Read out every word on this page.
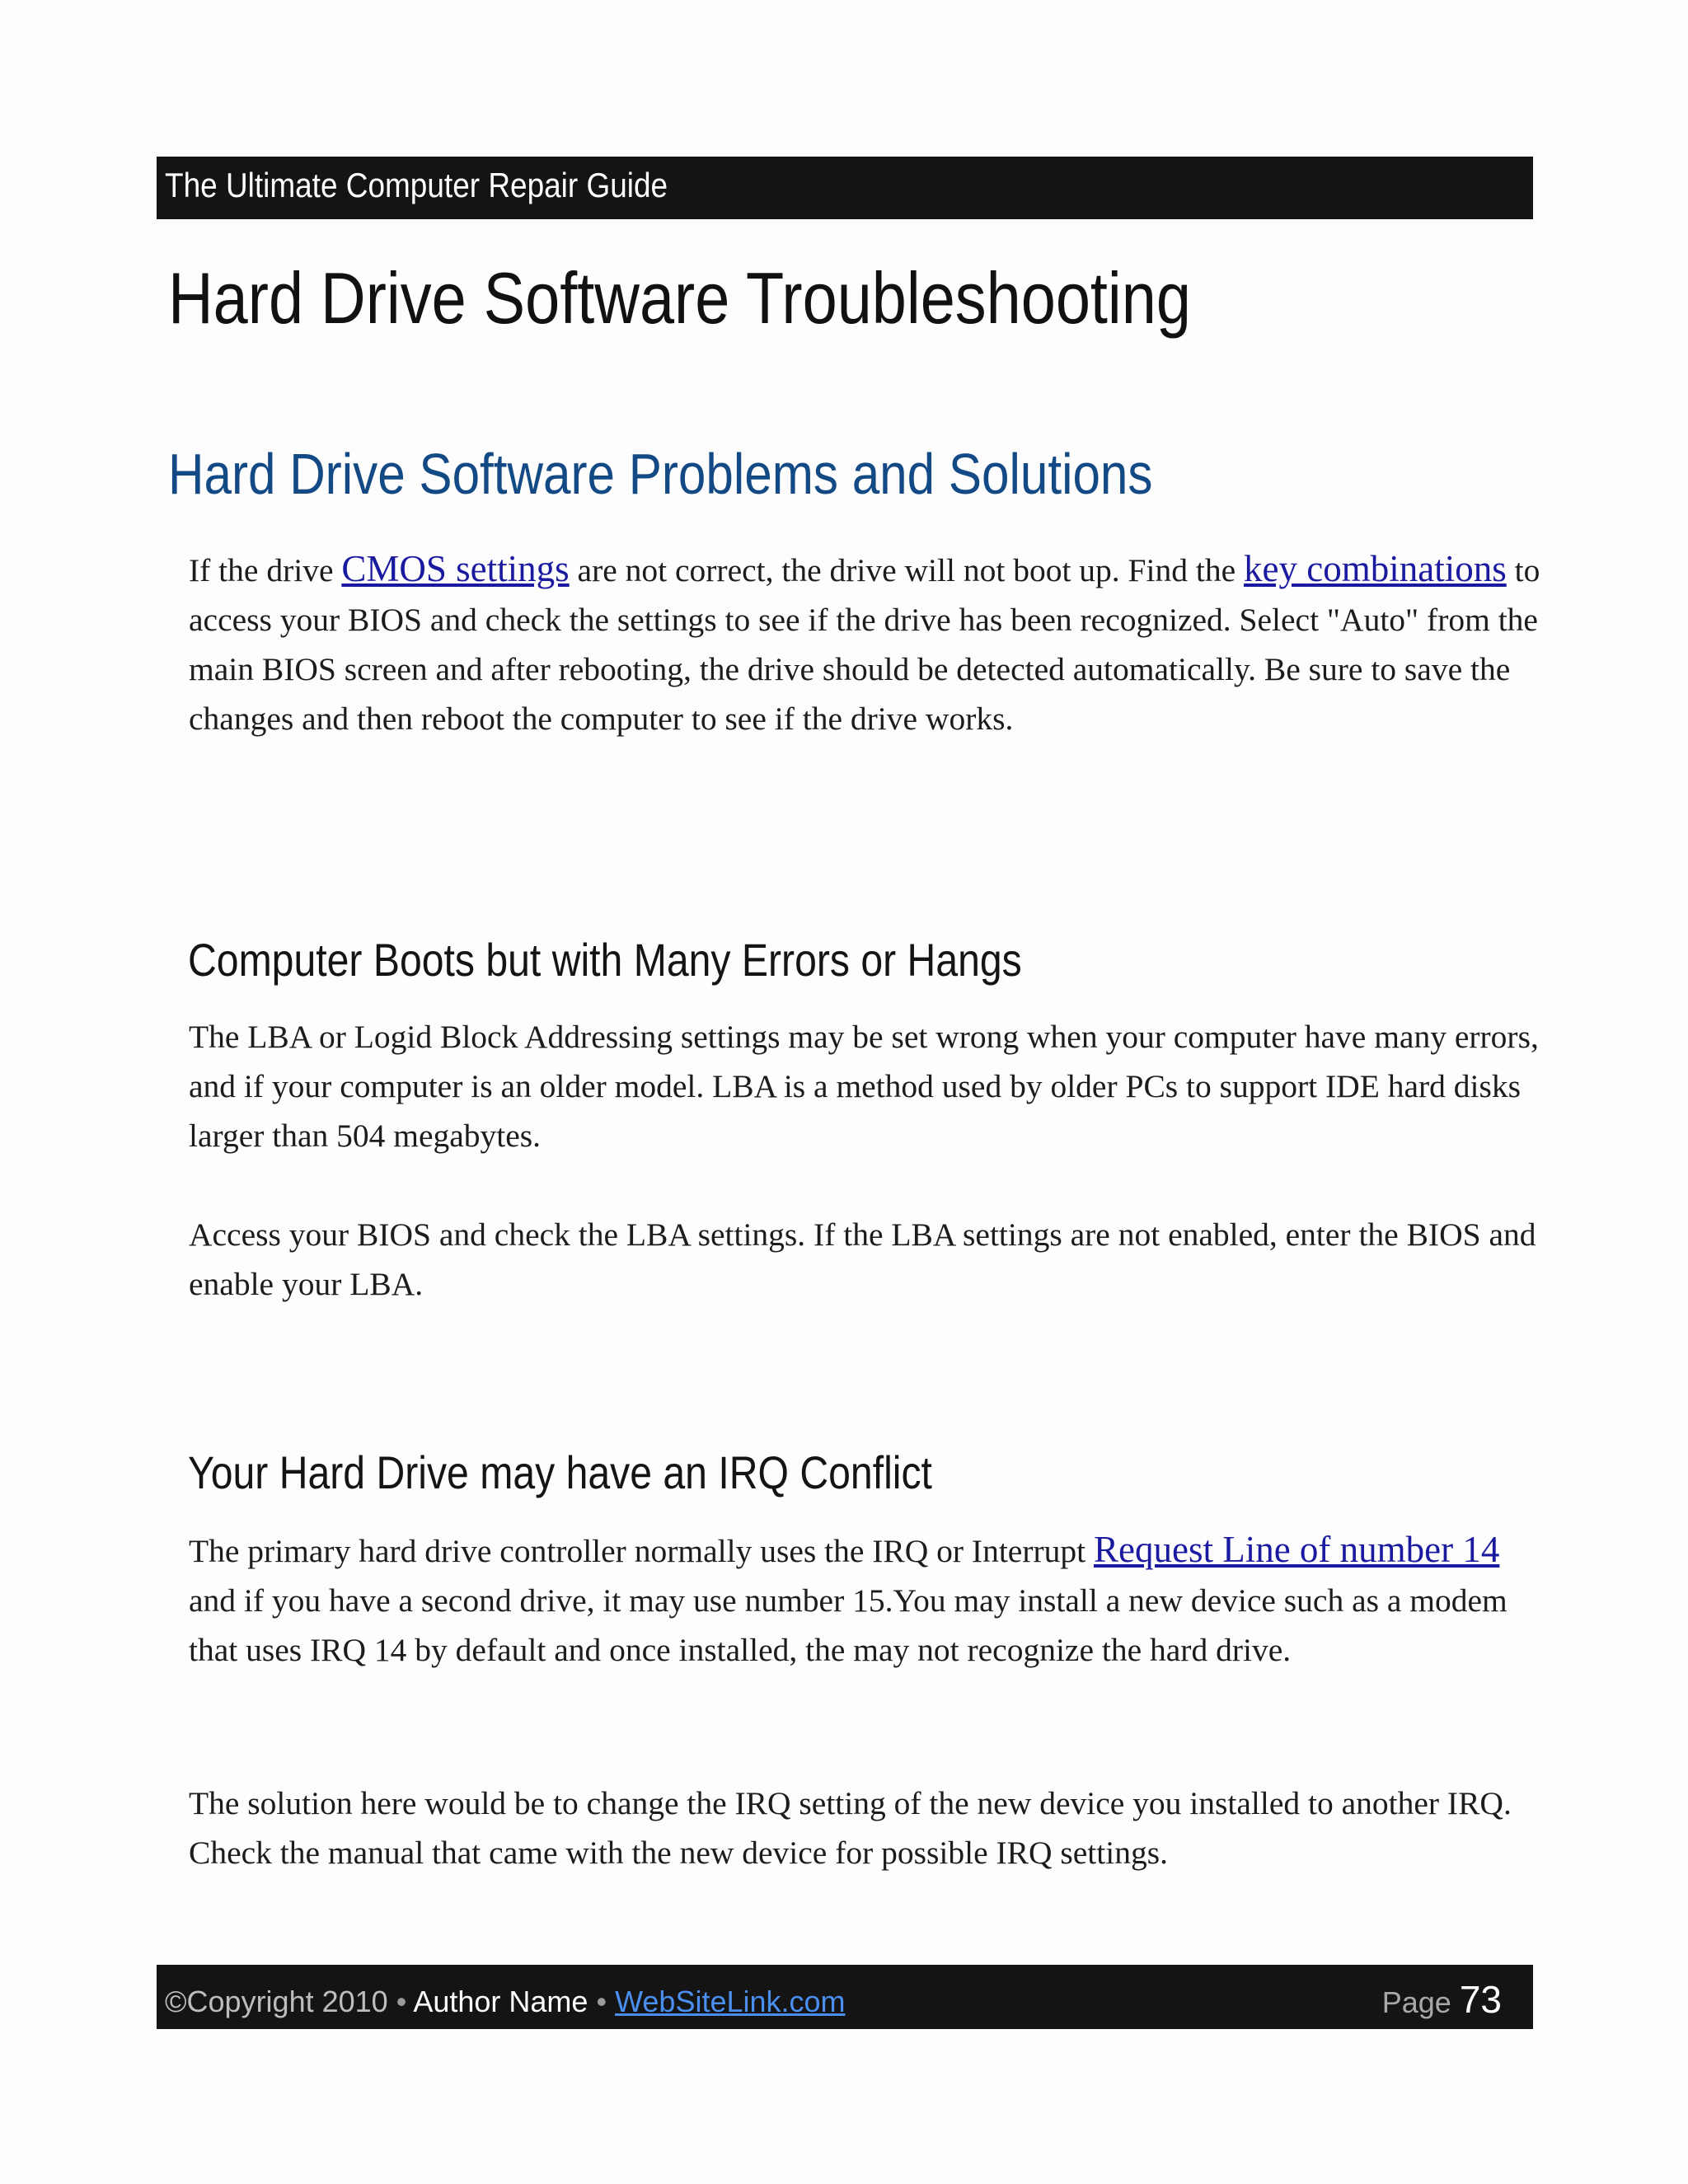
The Ultimate Computer Repair Guide
Hard Drive Software Troubleshooting
Hard Drive Software Problems and Solutions

If the drive CMOS settings are not correct, the drive will not boot up. Find the key combinations to access your BIOS and check the settings to see if the drive has been recognized. Select "Auto" from the main BIOS screen and after rebooting, the drive should be detected automatically. Be sure to save the changes and then reboot the computer to see if the drive works.

Computer Boots but with Many Errors or Hangs

The LBA or Logid Block Addressing settings may be set wrong when your computer have many errors, and if your computer is an older model. LBA is a method used by older PCs to support IDE hard disks larger than 504 megabytes.

Access your BIOS and check the LBA settings. If the LBA settings are not enabled, enter the BIOS and enable your LBA.

Your Hard Drive may have an IRQ Conflict

The primary hard drive controller normally uses the IRQ or Interrupt Request Line of number 14 and if you have a second drive, it may use number 15.You may install a new device such as a modem that uses IRQ 14 by default and once installed, the may not recognize the hard drive.

The solution here would be to change the IRQ setting of the new device you installed to another IRQ. Check the manual that came with the new device for possible IRQ settings.

©Copyright 2010 • Author Name • WebSiteLink.com	Page 73
